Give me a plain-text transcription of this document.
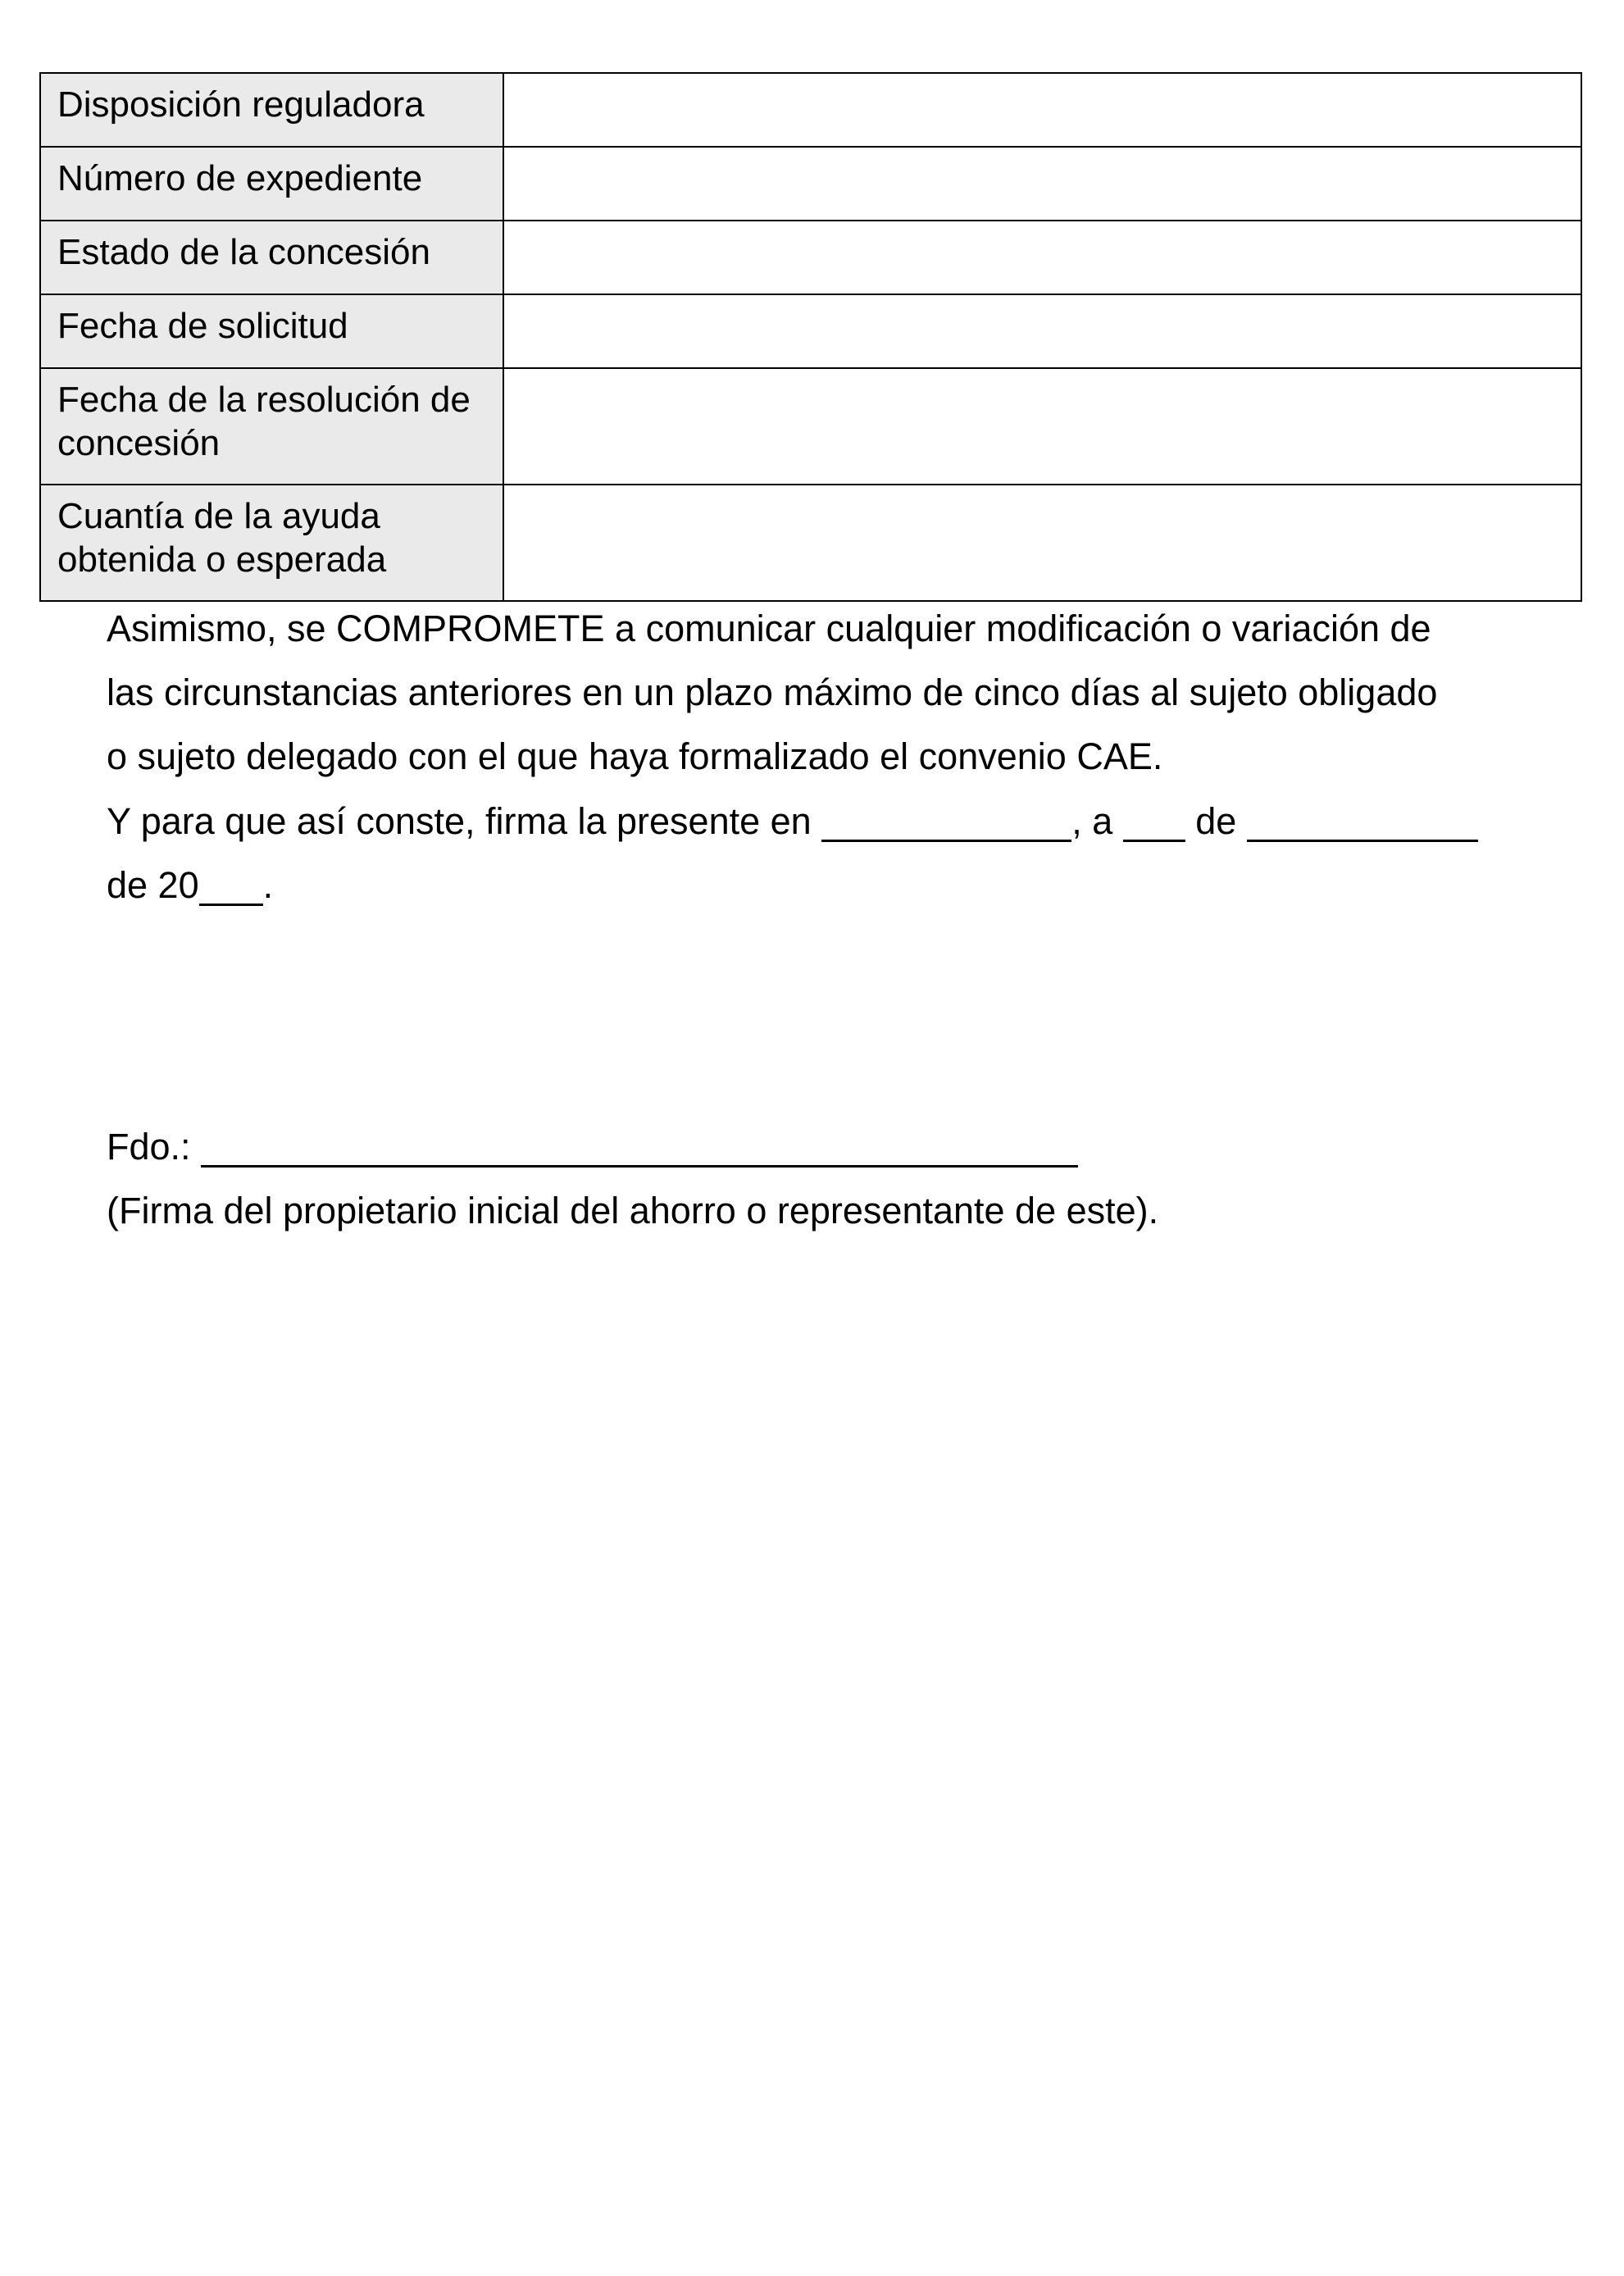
Disposición reguladora	
Número de expediente	
Estado de la concesión	
Fecha de solicitud	
Fecha de la resolución de
concesión	
Cuantía de la ayuda
obtenida o esperada	
Asimismo, se COMPROMETE a comunicar cualquier modificación o variación de
las circunstancias anteriores en un plazo máximo de cinco días al sujeto obligado
o sujeto delegado con el que haya formalizado el convenio CAE.
Y para que así conste, firma la presente en	, a  de
de 20 .
Fdo.:
(Firma del propietario inicial del ahorro o representante de este).
